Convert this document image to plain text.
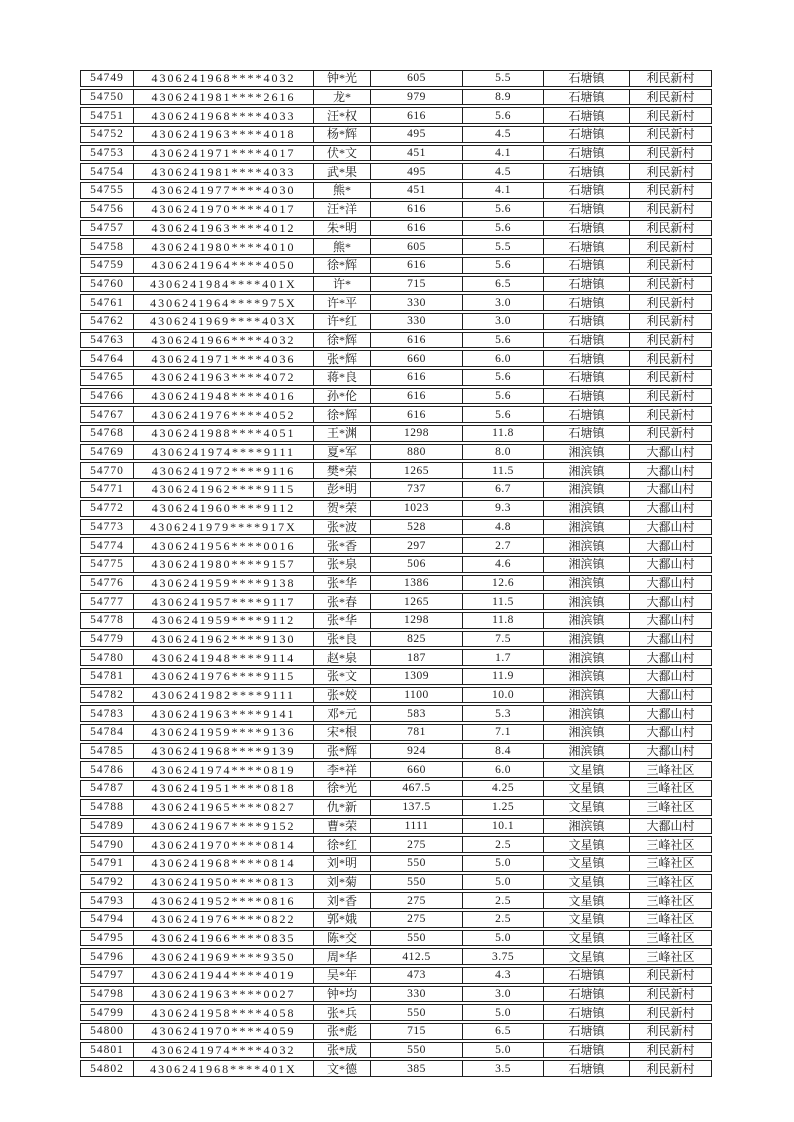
54749	4306241968****4032	钟*光	605	5.5	石塘镇	利民新村
54750	4306241981****2616	龙*	979	8.9	石塘镇	利民新村
54751	4306241968****4033	汪*权	616	5.6	石塘镇	利民新村
54752	4306241963****4018	杨*辉	495	4.5	石塘镇	利民新村
54753	4306241971****4017	伏*文	451	4.1	石塘镇	利民新村
54754	4306241981****4033	武*果	495	4.5	石塘镇	利民新村
54755	4306241977****4030	熊*	451	4.1	石塘镇	利民新村
54756	4306241970****4017	汪*洋	616	5.6	石塘镇	利民新村
54757	4306241963****4012	朱*明	616	5.6	石塘镇	利民新村
54758	4306241980****4010	熊*	605	5.5	石塘镇	利民新村
54759	4306241964****4050	徐*辉	616	5.6	石塘镇	利民新村
54760	4306241984****401X	许*	715	6.5	石塘镇	利民新村
54761	4306241964****975X	许*平	330	3.0	石塘镇	利民新村
54762	4306241969****403X	许*红	330	3.0	石塘镇	利民新村
54763	4306241966****4032	徐*辉	616	5.6	石塘镇	利民新村
54764	4306241971****4036	张*辉	660	6.0	石塘镇	利民新村
54765	4306241963****4072	蒋*良	616	5.6	石塘镇	利民新村
54766	4306241948****4016	孙*伦	616	5.6	石塘镇	利民新村
54767	4306241976****4052	徐*辉	616	5.6	石塘镇	利民新村
54768	4306241988****4051	王*渊	1298	11.8	石塘镇	利民新村
54769	4306241974****9111	夏*军	880	8.0	湘滨镇	大鄱山村
54770	4306241972****9116	樊*荣	1265	11.5	湘滨镇	大鄱山村
54771	4306241962****9115	彭*明	737	6.7	湘滨镇	大鄱山村
54772	4306241960****9112	贺*荣	1023	9.3	湘滨镇	大鄱山村
54773	4306241979****917X	张*波	528	4.8	湘滨镇	大鄱山村
54774	4306241956****0016	张*香	297	2.7	湘滨镇	大鄱山村
54775	4306241980****9157	张*泉	506	4.6	湘滨镇	大鄱山村
54776	4306241959****9138	张*华	1386	12.6	湘滨镇	大鄱山村
54777	4306241957****9117	张*春	1265	11.5	湘滨镇	大鄱山村
54778	4306241959****9112	张*华	1298	11.8	湘滨镇	大鄱山村
54779	4306241962****9130	张*良	825	7.5	湘滨镇	大鄱山村
54780	4306241948****9114	赵*泉	187	1.7	湘滨镇	大鄱山村
54781	4306241976****9115	张*文	1309	11.9	湘滨镇	大鄱山村
54782	4306241982****9111	张*姣	1100	10.0	湘滨镇	大鄱山村
54783	4306241963****9141	邓*元	583	5.3	湘滨镇	大鄱山村
54784	4306241959****9136	宋*根	781	7.1	湘滨镇	大鄱山村
54785	4306241968****9139	张*辉	924	8.4	湘滨镇	大鄱山村
54786	4306241974****0819	李*祥	660	6.0	文星镇	三峰社区
54787	4306241951****0818	徐*光	467.5	4.25	文星镇	三峰社区
54788	4306241965****0827	仇*新	137.5	1.25	文星镇	三峰社区
54789	4306241967****9152	曹*荣	1111	10.1	湘滨镇	大鄱山村
54790	4306241970****0814	徐*红	275	2.5	文星镇	三峰社区
54791	4306241968****0814	刘*明	550	5.0	文星镇	三峰社区
54792	4306241950****0813	刘*菊	550	5.0	文星镇	三峰社区
54793	4306241952****0816	刘*香	275	2.5	文星镇	三峰社区
54794	4306241976****0822	郭*娥	275	2.5	文星镇	三峰社区
54795	4306241966****0835	陈*交	550	5.0	文星镇	三峰社区
54796	4306241969****9350	周*华	412.5	3.75	文星镇	三峰社区
54797	4306241944****4019	吴*年	473	4.3	石塘镇	利民新村
54798	4306241963****0027	钟*均	330	3.0	石塘镇	利民新村
54799	4306241958****4058	张*兵	550	5.0	石塘镇	利民新村
54800	4306241970****4059	张*彪	715	6.5	石塘镇	利民新村
54801	4306241974****4032	张*成	550	5.0	石塘镇	利民新村
54802	4306241968****401X	文*德	385	3.5	石塘镇	利民新村
